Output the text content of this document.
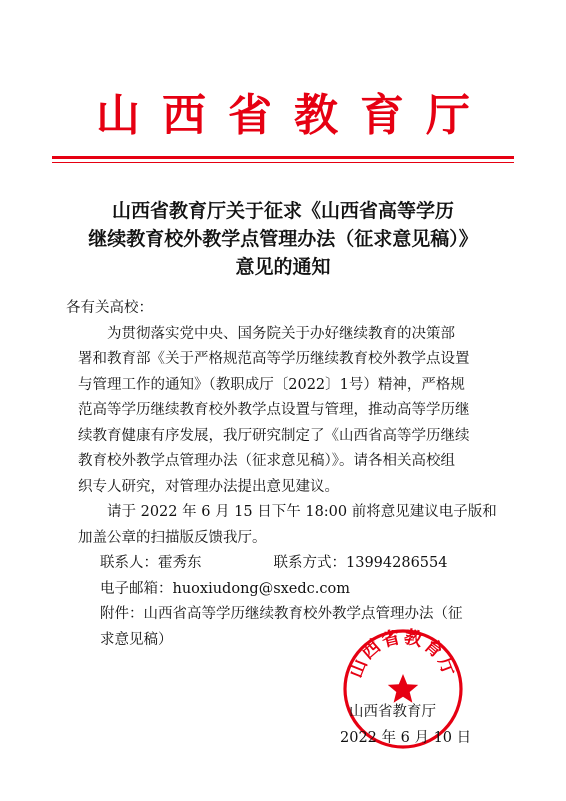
山西省教育厅
山西省教育厅关于征求《山西省高等学历
继续教育校外教学点管理办法（征求意见稿）》
意见的通知
各有关高校：
为贯彻落实党中央、国务院关于办好继续教育的决策部
署和教育部《关于严格规范高等学历继续教育校外教学点设置
与管理工作的通知》（教职成厅〔2022〕1号）精神，严格规
范高等学历继续教育校外教学点设置与管理，推动高等学历继
续教育健康有序发展，我厅研究制定了《山西省高等学历继续
教育校外教学点管理办法（征求意见稿）》。请各相关高校组
织专人研究，对管理办法提出意见建议。
请于 2022 年 6 月 15 日下午 18:00 前将意见建议电子版和
加盖公章的扫描版反馈我厅。
联系人：霍秀东	联系方式：13994286554
电子邮箱：huoxiudong@sxedc.com
附件：山西省高等学历继续教育校外教学点管理办法（征
求意见稿）
山西省教育厅
山西省教育厅
2022 年 6 月 10 日
